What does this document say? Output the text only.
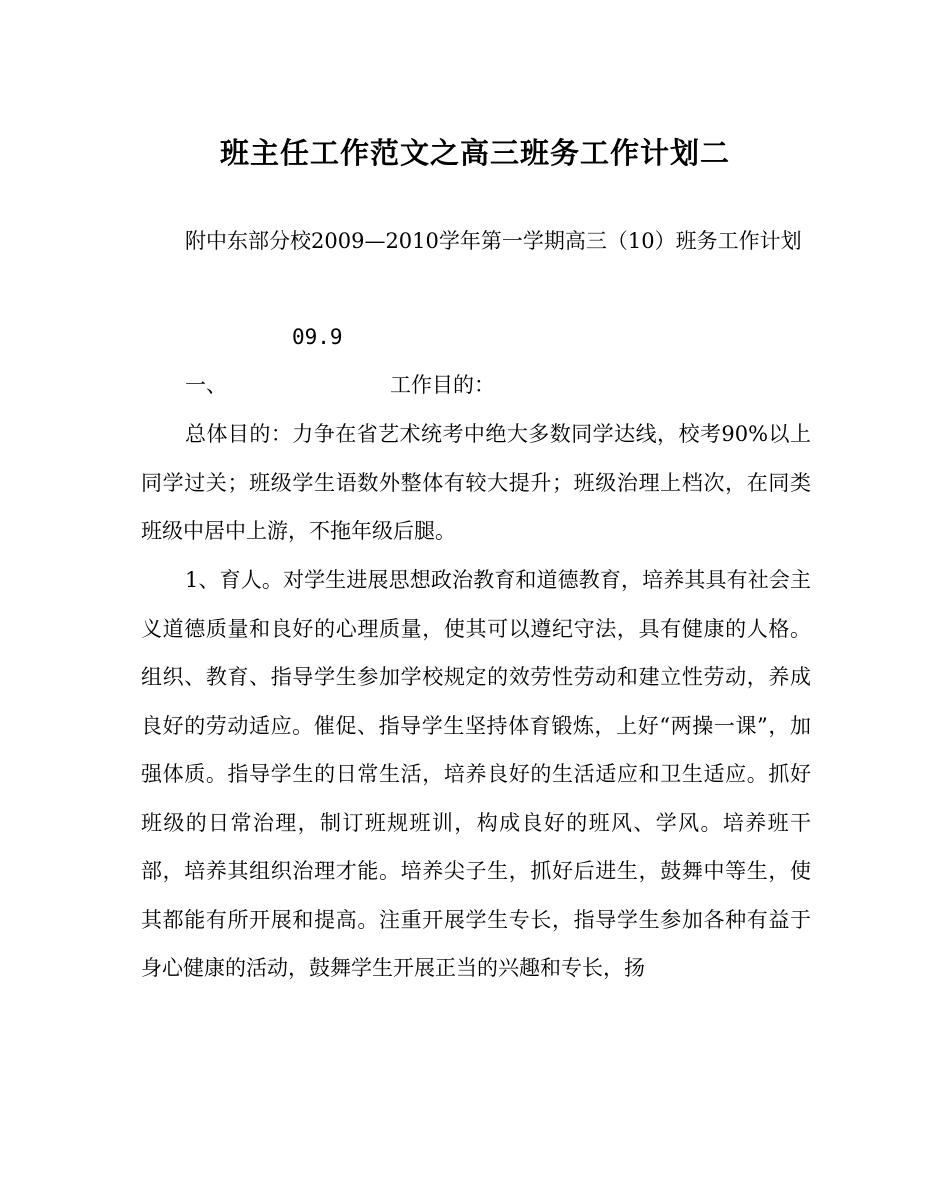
班主任工作范文之高三班务工作计划二
附中东部分校2009—2010学年第一学期高三（10）班务工作计划
09.9
一、	工作目的：

总体目的：力争在省艺术统考中绝大多数同学达线，校考90%以上同学过关；班级学生语数外整体有较大提升；班级治理上档次，在同类班级中居中上游，不拖年级后腿。

1、育人。对学生进展思想政治教育和道德教育，培养其具有社会主义道德质量和良好的心理质量，使其可以遵纪守法，具有健康的人格。组织、教育、指导学生参加学校规定的效劳性劳动和建立性劳动，养成良好的劳动适应。催促、指导学生坚持体育锻炼，上好“两操一课”，加强体质。指导学生的日常生活，培养良好的生活适应和卫生适应。抓好班级的日常治理，制订班规班训，构成良好的班风、学风。培养班干部，培养其组织治理才能。培养尖子生，抓好后进生，鼓舞中等生，使其都能有所开展和提高。注重开展学生专长，指导学生参加各种有益于身心健康的活动，鼓舞学生开展正当的兴趣和专长，扬
